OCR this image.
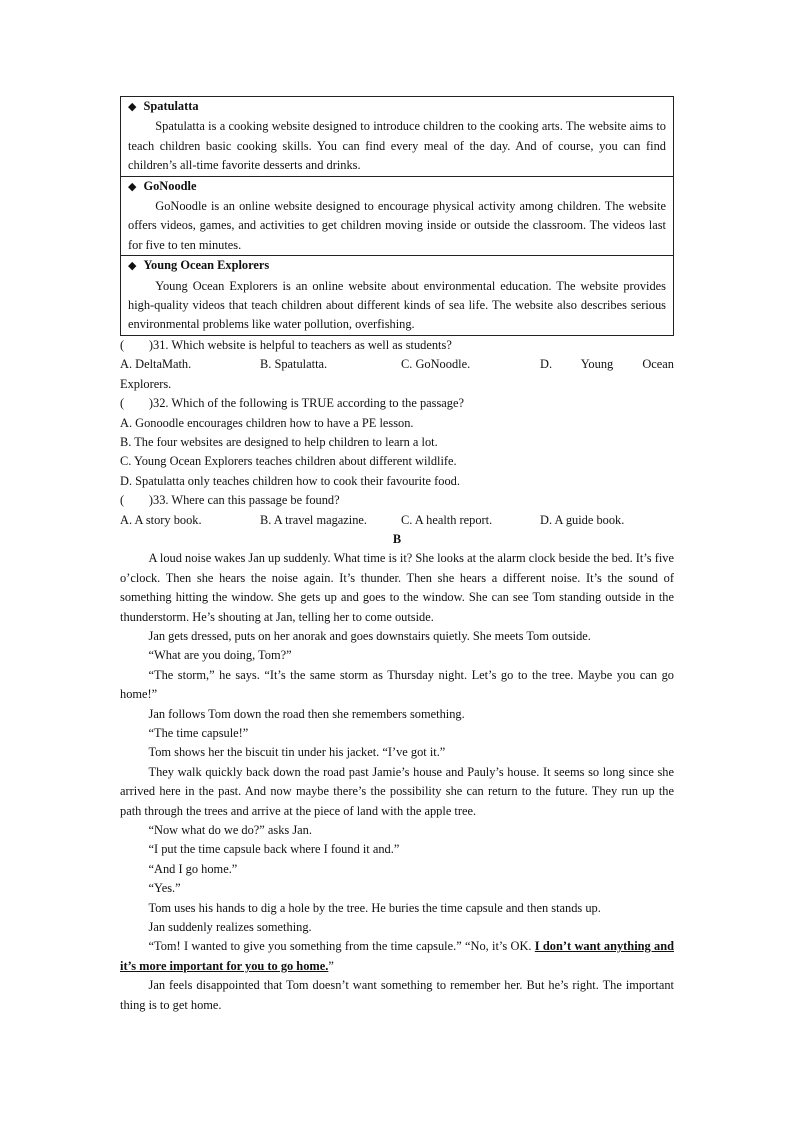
◆ Spatulatta
Spatulatta is a cooking website designed to introduce children to the cooking arts. The website aims to teach children basic cooking skills. You can find every meal of the day. And of course, you can find children’s all-time favorite desserts and drinks.
◆ GoNoodle
GoNoodle is an online website designed to encourage physical activity among children. The website offers videos, games, and activities to get children moving inside or outside the classroom. The videos last for five to ten minutes.
◆ Young Ocean Explorers
Young Ocean Explorers is an online website about environmental education. The website provides high-quality videos that teach children about different kinds of sea life. The website also describes serious environmental problems like water pollution, overfishing.
(        )31. Which website is helpful to teachers as well as students?
A. DeltaMath.	B. Spatulatta.	C. GoNoodle.	D. Young Ocean
Explorers.
(        )32. Which of the following is TRUE according to the passage?
A. Gonoodle encourages children how to have a PE lesson.
B. The four websites are designed to help children to learn a lot.
C. Young Ocean Explorers teaches children about different wildlife.
D. Spatulatta only teaches children how to cook their favourite food.
(        )33. Where can this passage be found?
A. A story book.	B. A travel magazine.	C. A health report.	D. A guide book.
B

A loud noise wakes Jan up suddenly. What time is it? She looks at the alarm clock beside the bed. It’s five o’clock. Then she hears the noise again. It’s thunder. Then she hears a different noise. It’s the sound of something hitting the window. She gets up and goes to the window. She can see Tom standing outside in the thunderstorm. He’s shouting at Jan, telling her to come outside.

Jan gets dressed, puts on her anorak and goes downstairs quietly. She meets Tom outside.

“What are you doing, Tom?”

“The storm,” he says. “It’s the same storm as Thursday night. Let’s go to the tree. Maybe you can go home!”

Jan follows Tom down the road then she remembers something.

“The time capsule!”

Tom shows her the biscuit tin under his jacket. “I’ve got it.”

They walk quickly back down the road past Jamie’s house and Pauly’s house. It seems so long since she arrived here in the past. And now maybe there’s the possibility she can return to the future. They run up the path through the trees and arrive at the piece of land with the apple tree.

“Now what do we do?” asks Jan.

“I put the time capsule back where I found it and.”

“And I go home.”

“Yes.”

Tom uses his hands to dig a hole by the tree. He buries the time capsule and then stands up.

Jan suddenly realizes something.

“Tom! I wanted to give you something from the time capsule.” “No, it’s OK. I don’t want anything and it’s more important for you to go home.”

Jan feels disappointed that Tom doesn’t want something to remember her. But he’s right. The important thing is to get home.
